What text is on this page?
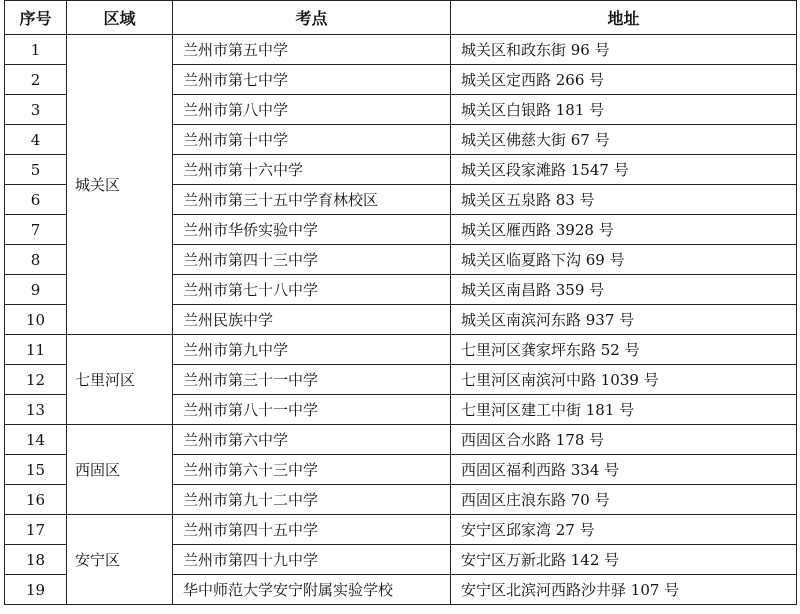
序号	区域	考点	地址
1	城关区	兰州市第五中学	城关区和政东街 96 号
2		兰州市第七中学	城关区定西路 266 号
3		兰州市第八中学	城关区白银路 181 号
4		兰州市第十中学	城关区佛慈大街 67 号
5		兰州市第十六中学	城关区段家滩路 1547 号
6		兰州市第三十五中学育林校区	城关区五泉路 83 号
7		兰州市华侨实验中学	城关区雁西路 3928 号
8		兰州市第四十三中学	城关区临夏路下沟 69 号
9		兰州市第七十八中学	城关区南昌路 359 号
10		兰州民族中学	城关区南滨河东路 937 号
11	七里河区	兰州市第九中学	七里河区龚家坪东路 52 号
12		兰州市第三十一中学	七里河区南滨河中路 1039 号
13		兰州市第八十一中学	七里河区建工中街 181 号
14	西固区	兰州市第六中学	西固区合水路 178 号
15		兰州市第六十三中学	西固区福利西路 334 号
16		兰州市第九十二中学	西固区庄浪东路 70 号
17	安宁区	兰州市第四十五中学	安宁区邱家湾 27 号
18		兰州市第四十九中学	安宁区万新北路 142 号
19		华中师范大学安宁附属实验学校	安宁区北滨河西路沙井驿 107 号
